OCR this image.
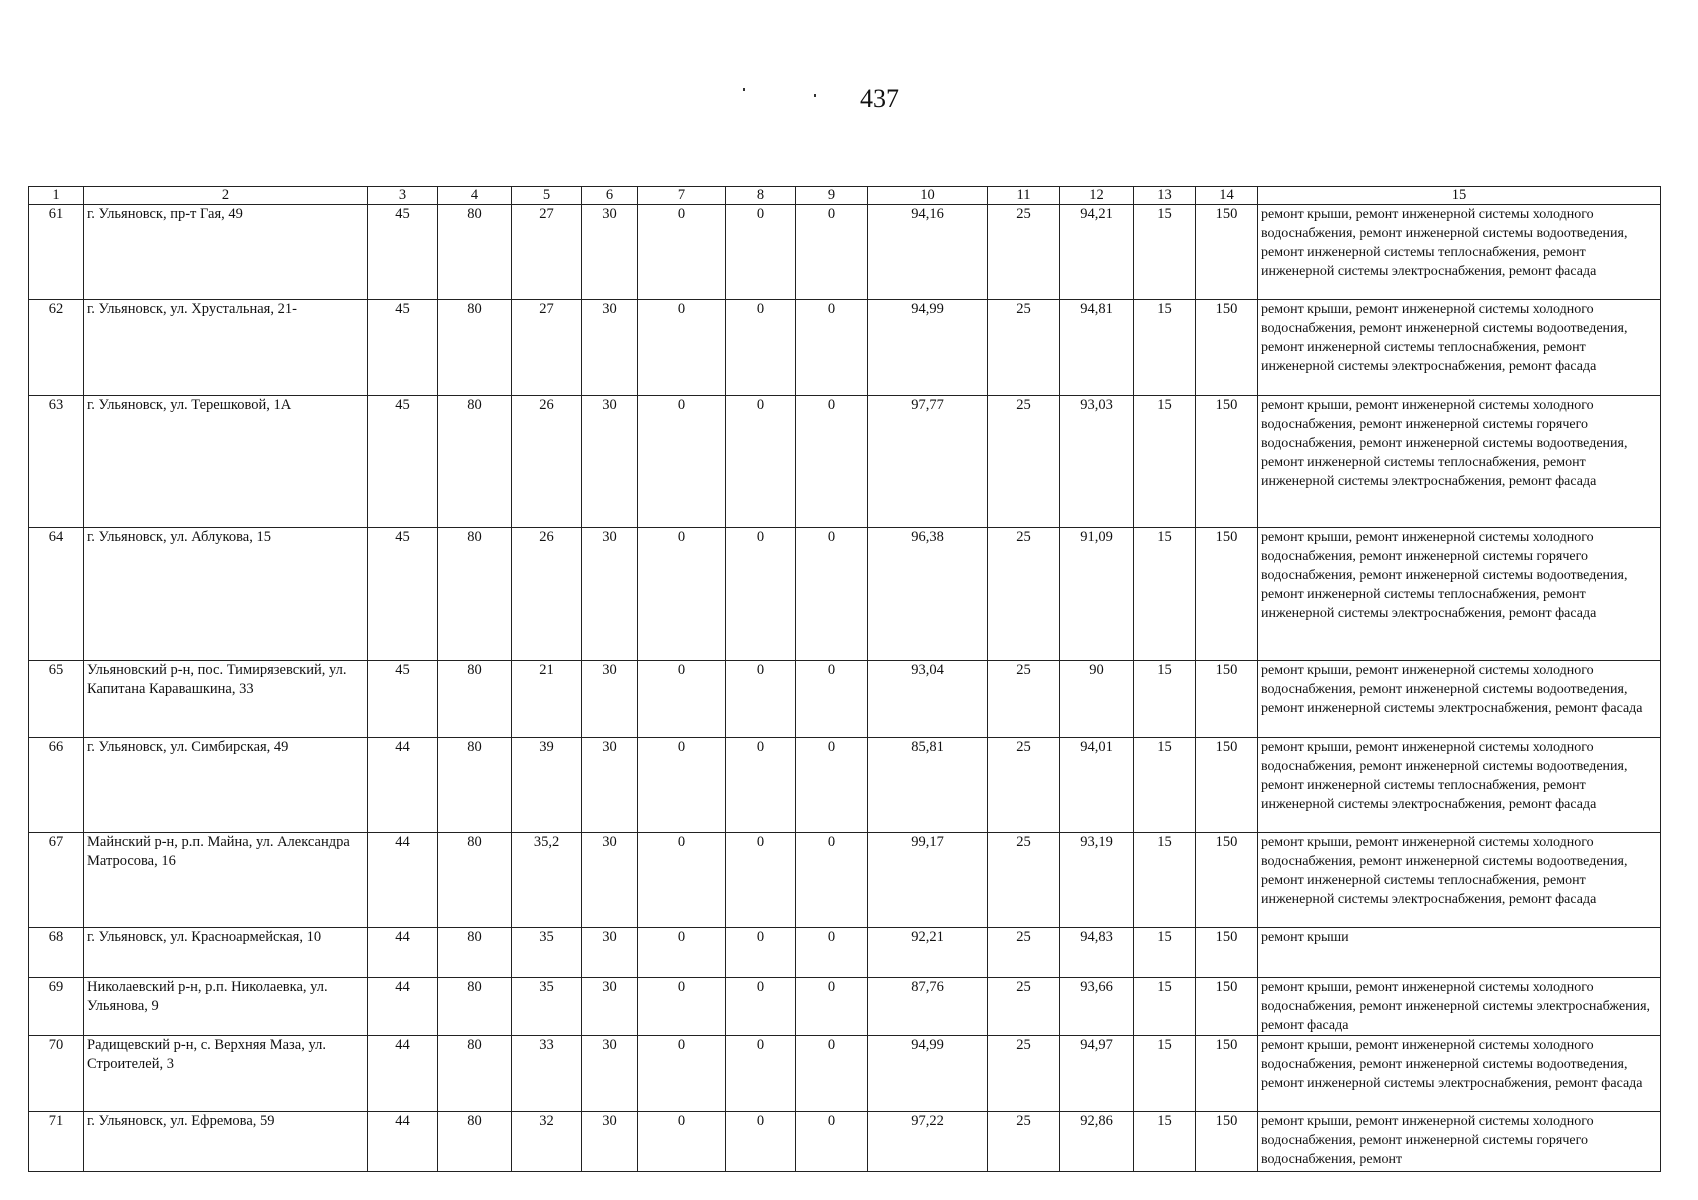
437
1	2	3	4	5	6	7	8	9	10	11	12	13	14	15
61	г. Ульяновск, пр-т Гая, 49	45	80	27	30	0	0	0	94,16	25	94,21	15	150	ремонт крыши, ремонт инженерной системы холодного водоснабжения, ремонт инженерной системы водоотведения, ремонт инженерной системы теплоснабжения, ремонт инженерной системы электроснабжения, ремонт фасада
62	г. Ульяновск, ул. Хрустальная, 21-	45	80	27	30	0	0	0	94,99	25	94,81	15	150	ремонт крыши, ремонт инженерной системы холодного водоснабжения, ремонт инженерной системы водоотведения, ремонт инженерной системы теплоснабжения, ремонт инженерной системы электроснабжения, ремонт фасада
63	г. Ульяновск, ул. Терешковой, 1А	45	80	26	30	0	0	0	97,77	25	93,03	15	150	ремонт крыши, ремонт инженерной системы холодного водоснабжения, ремонт инженерной системы горячего водоснабжения, ремонт инженерной системы водоотведения, ремонт инженерной системы теплоснабжения, ремонт инженерной системы электроснабжения, ремонт фасада
64	г. Ульяновск, ул. Аблукова, 15	45	80	26	30	0	0	0	96,38	25	91,09	15	150	ремонт крыши, ремонт инженерной системы холодного водоснабжения, ремонт инженерной системы горячего водоснабжения, ремонт инженерной системы водоотведения, ремонт инженерной системы теплоснабжения, ремонт инженерной системы электроснабжения, ремонт фасада
65	Ульяновский р-н, пос. Тимирязевский, ул. Капитана Каравашкина, 33	45	80	21	30	0	0	0	93,04	25	90	15	150	ремонт крыши, ремонт инженерной системы холодного водоснабжения, ремонт инженерной системы водоотведения, ремонт инженерной системы электроснабжения, ремонт фасада
66	г. Ульяновск, ул. Симбирская, 49	44	80	39	30	0	0	0	85,81	25	94,01	15	150	ремонт крыши, ремонт инженерной системы холодного водоснабжения, ремонт инженерной системы водоотведения, ремонт инженерной системы теплоснабжения, ремонт инженерной системы электроснабжения, ремонт фасада
67	Майнский р-н, р.п. Майна, ул. Александра Матросова, 16	44	80	35,2	30	0	0	0	99,17	25	93,19	15	150	ремонт крыши, ремонт инженерной системы холодного водоснабжения, ремонт инженерной системы водоотведения, ремонт инженерной системы теплоснабжения, ремонт инженерной системы электроснабжения, ремонт фасада
68	г. Ульяновск, ул. Красноармейская, 10	44	80	35	30	0	0	0	92,21	25	94,83	15	150	ремонт крыши
69	Николаевский р-н, р.п. Николаевка, ул. Ульянова, 9	44	80	35	30	0	0	0	87,76	25	93,66	15	150	ремонт крыши, ремонт инженерной системы холодного водоснабжения, ремонт инженерной системы электроснабжения, ремонт фасада
70	Радищевский р-н, с. Верхняя Маза, ул. Строителей, 3	44	80	33	30	0	0	0	94,99	25	94,97	15	150	ремонт крыши, ремонт инженерной системы холодного водоснабжения, ремонт инженерной системы водоотведения, ремонт инженерной системы электроснабжения, ремонт фасада
71	г. Ульяновск, ул. Ефремова, 59	44	80	32	30	0	0	0	97,22	25	92,86	15	150	ремонт крыши, ремонт инженерной системы холодного водоснабжения, ремонт инженерной системы горячего водоснабжения, ремонт
